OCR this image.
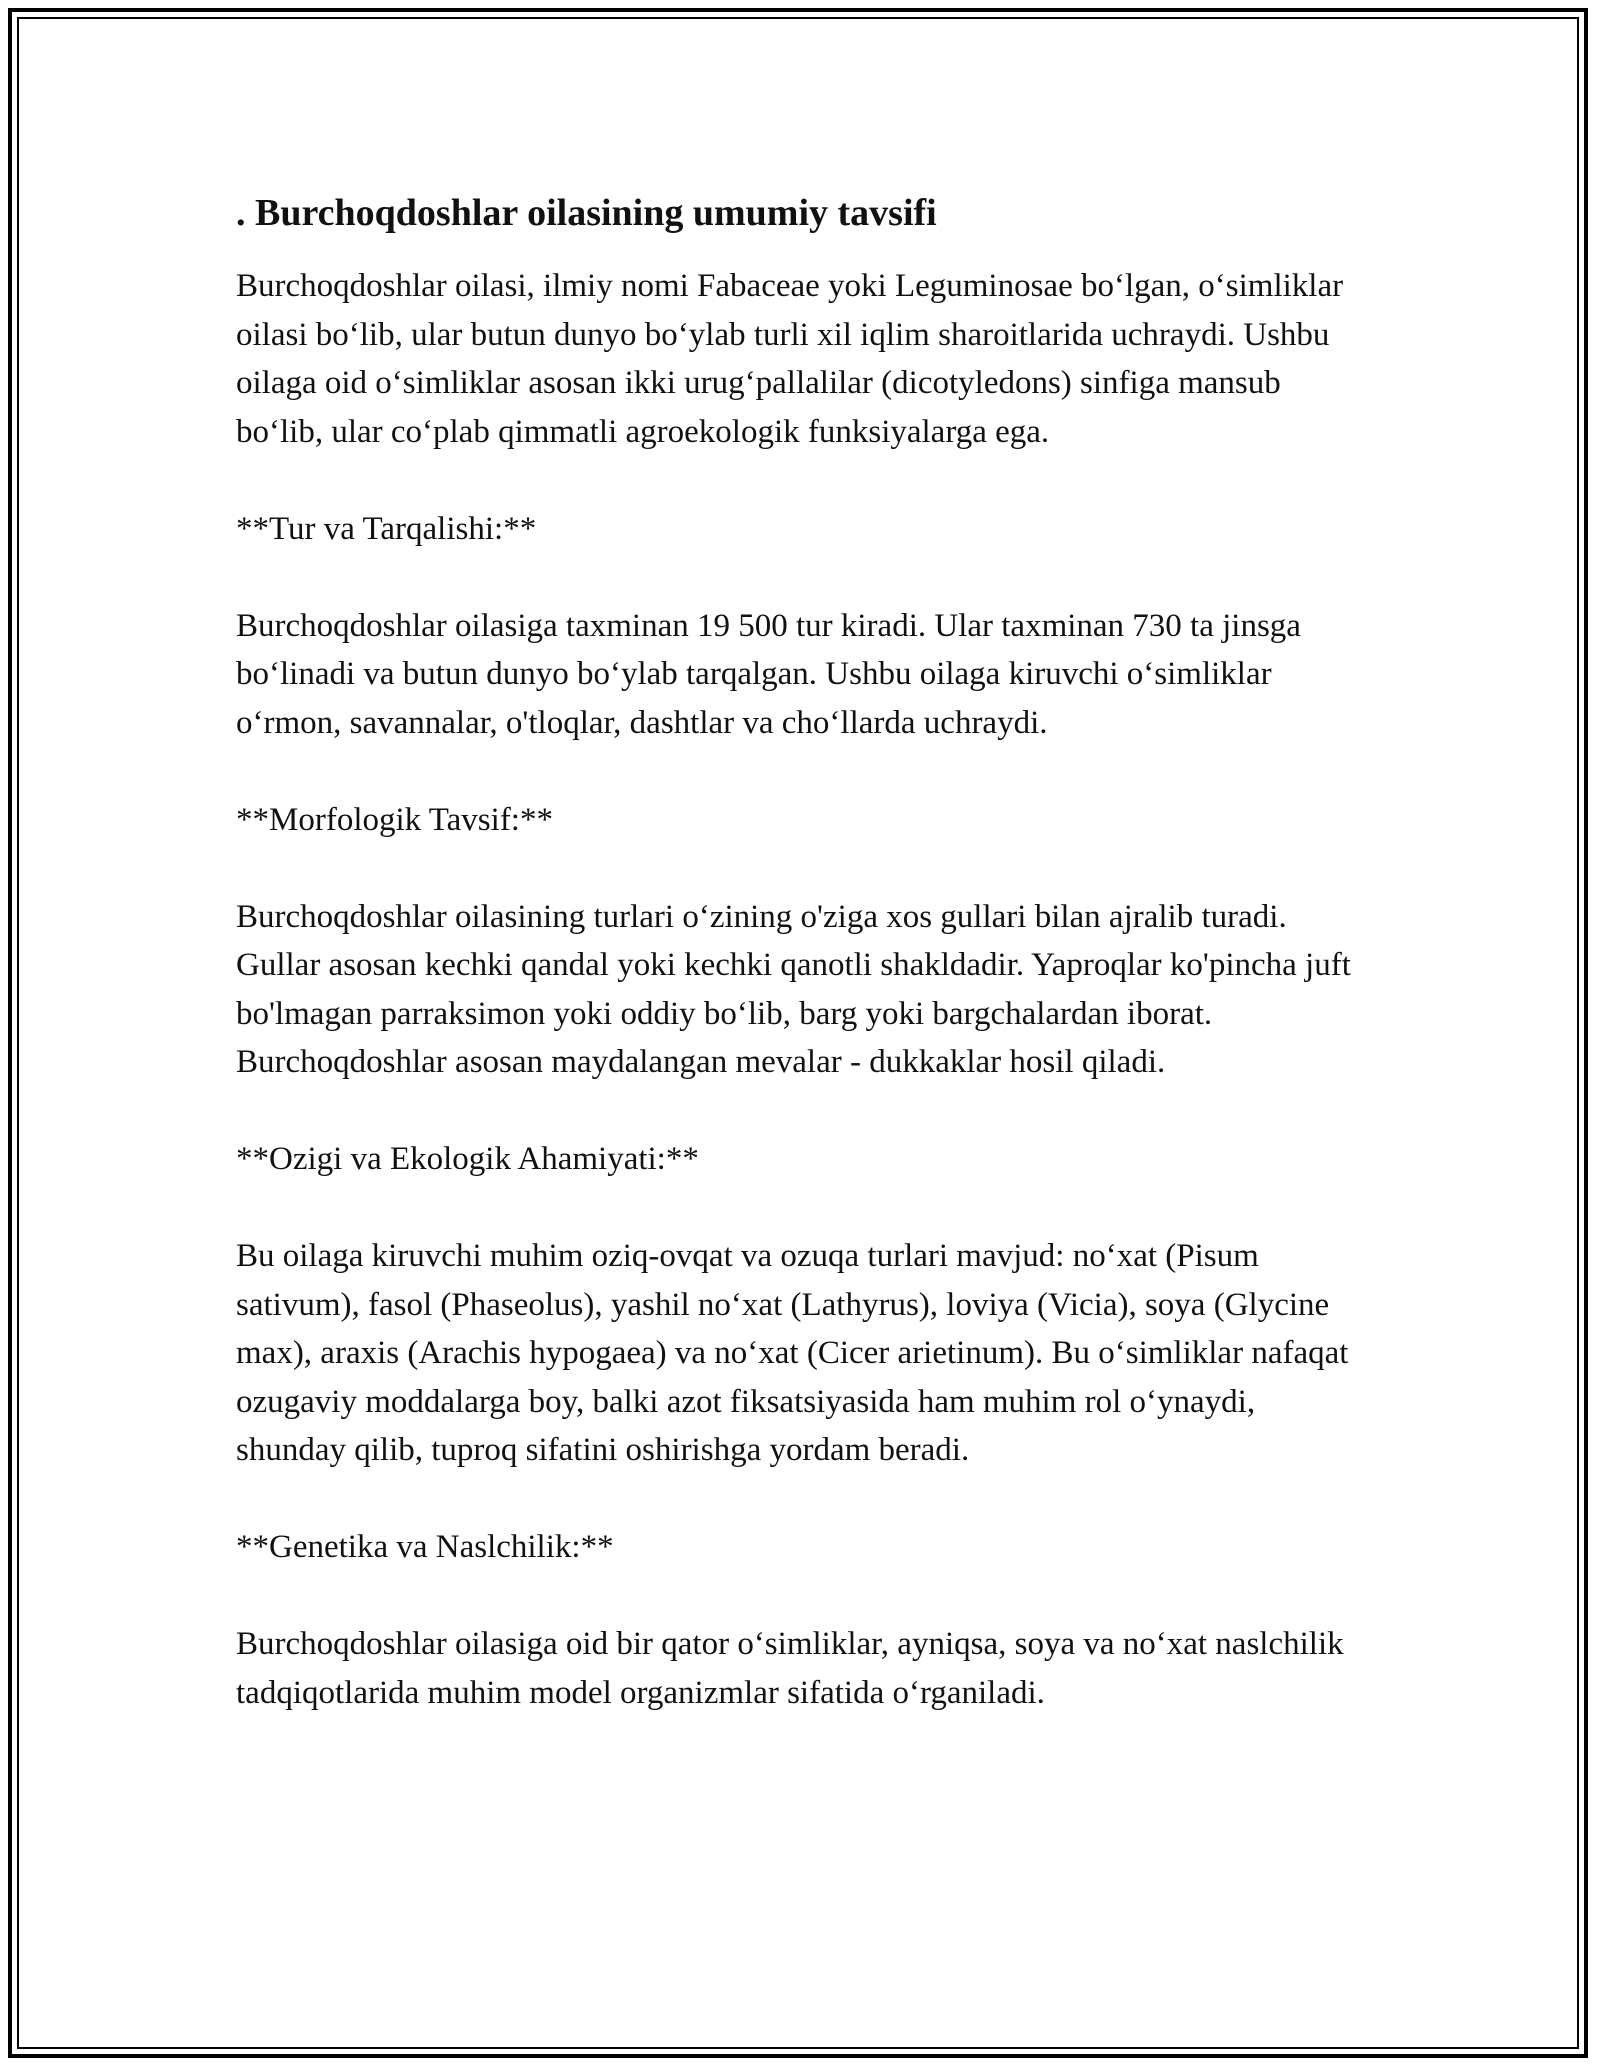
. Burchoqdoshlar oilasining umumiy tavsifi

Burchoqdoshlar oilasi, ilmiy nomi Fabaceae yoki Leguminosae boʻlgan, oʻsimliklar oilasi boʻlib, ular butun dunyo boʻylab turli xil iqlim sharoitlarida uchraydi. Ushbu oilaga oid oʻsimliklar asosan ikki urugʻpallalilar (dicotyledons) sinfiga mansub boʻlib, ular coʻplab qimmatli agroekologik funksiyalarga ega.

**Tur va Tarqalishi:**

Burchoqdoshlar oilasiga taxminan 19 500 tur kiradi. Ular taxminan 730 ta jinsga boʻlinadi va butun dunyo boʻylab tarqalgan. Ushbu oilaga kiruvchi oʻsimliklar oʻrmon, savannalar, o'tloqlar, dashtlar va choʻllarda uchraydi.

**Morfologik Tavsif:**

Burchoqdoshlar oilasining turlari oʻzining o'ziga xos gullari bilan ajralib turadi. Gullar asosan kechki qandal yoki kechki qanotli shakldadir. Yaproqlar ko'pincha juft bo'lmagan parraksimon yoki oddiy boʻlib, barg yoki bargchalardan iborat. Burchoqdoshlar asosan maydalangan mevalar - dukkaklar hosil qiladi.

**Ozigi va Ekologik Ahamiyati:**

Bu oilaga kiruvchi muhim oziq-ovqat va ozuqa turlari mavjud: noʻxat (Pisum sativum), fasol (Phaseolus), yashil noʻxat (Lathyrus), loviya (Vicia), soya (Glycine max), araxis (Arachis hypogaea) va noʻxat (Cicer arietinum). Bu oʻsimliklar nafaqat ozugaviy moddalarga boy, balki azot fiksatsiyasida ham muhim rol oʻynaydi, shunday qilib, tuproq sifatini oshirishga yordam beradi.

**Genetika va Naslchilik:**

Burchoqdoshlar oilasiga oid bir qator oʻsimliklar, ayniqsa, soya va noʻxat naslchilik tadqiqotlarida muhim model organizmlar sifatida oʻrganiladi.
